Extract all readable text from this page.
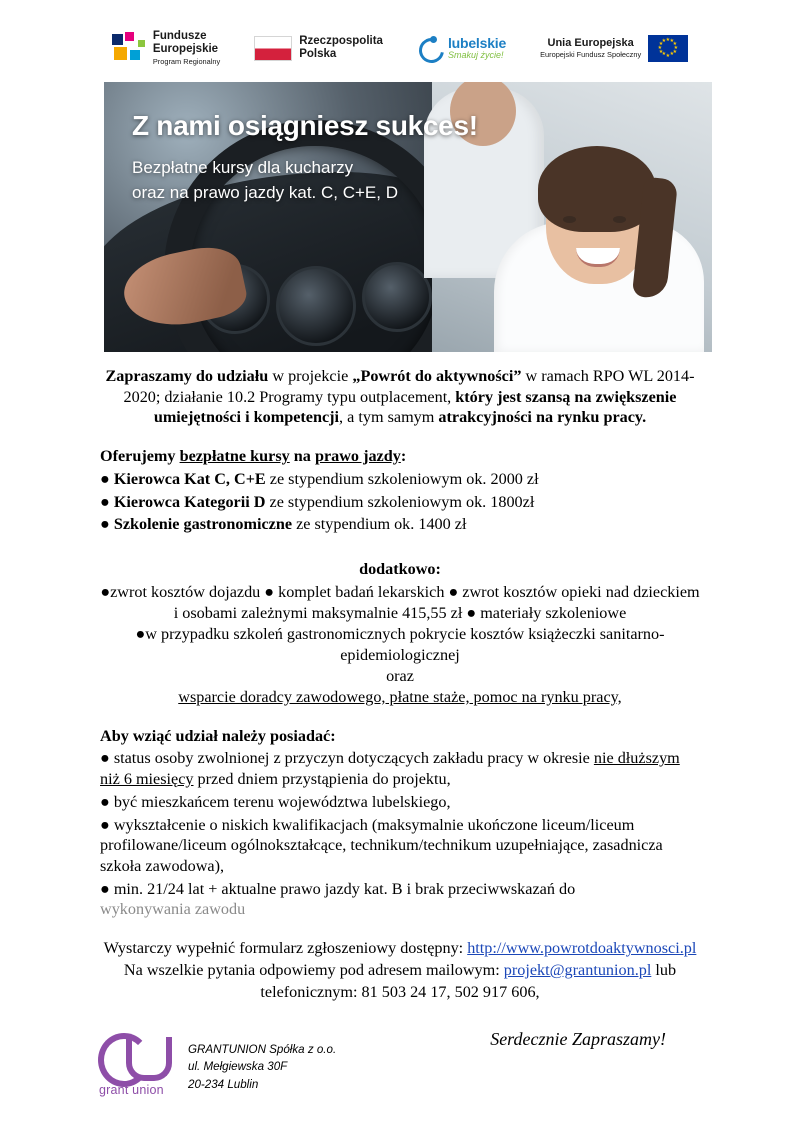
Fundusze
Europejskie
Program Regionalny
Rzeczpospolita
Polska
lubelskie
Smakuj życie!
Unia Europejska
Europejski Fundusz Społeczny
★ ★
★
★
★
★
★
★
★
★
★
★
Z nami osiągniesz sukces!
Bezpłatne kursy dla kucharzy
oraz na prawo jazdy kat. C, C+E, D

Zapraszamy do udziału w projekcie „Powrót do aktywności” w ramach RPO WL 2014-2020; działanie 10.2 Programy typu outplacement, który jest szansą na zwiększenie umiejętności i kompetencji, a tym samym atrakcyjności na rynku pracy.

Oferujemy bezpłatne kursy na prawo jazdy:

● Kierowca Kat C, C+E ze stypendium szkoleniowym ok. 2000 zł

● Kierowca Kategorii D ze stypendium szkoleniowym ok. 1800zł

● Szkolenie gastronomiczne ze stypendium ok. 1400 zł

dodatkowo:

●zwrot kosztów dojazdu ● komplet badań lekarskich ● zwrot kosztów opieki nad dzieckiem i osobami zależnymi maksymalnie 415,55 zł ● materiały szkoleniowe

●w przypadku szkoleń gastronomicznych pokrycie kosztów książeczki sanitarno-epidemiologicznej

oraz

wsparcie doradcy zawodowego, płatne staże, pomoc na rynku pracy,

Aby wziąć udział należy posiadać:

● status osoby zwolnionej z przyczyn dotyczących zakładu pracy w okresie nie dłuższym niż 6 miesięcy przed dniem przystąpienia do projektu,

● być mieszkańcem terenu województwa lubelskiego,

● wykształcenie o niskich kwalifikacjach (maksymalnie ukończone liceum/liceum profilowane/liceum ogólnokształcące, technikum/technikum uzupełniające, zasadnicza szkoła zawodowa),

● min. 21/24 lat + aktualne prawo jazdy kat. B i brak przeciwwskazań do

wykonywania zawodu

Wystarczy wypełnić formularz zgłoszeniowy dostępny: http://www.powrotdoaktywnosci.pl
Na wszelkie pytania odpowiemy pod adresem mailowym: projekt@grantunion.pl lub
telefonicznym: 81 503 24 17, 502 917 606,

Serdecznie Zapraszamy!

grant union
GRANTUNION Spółka z o.o.
ul. Mełgiewska 30F
20-234 Lublin
